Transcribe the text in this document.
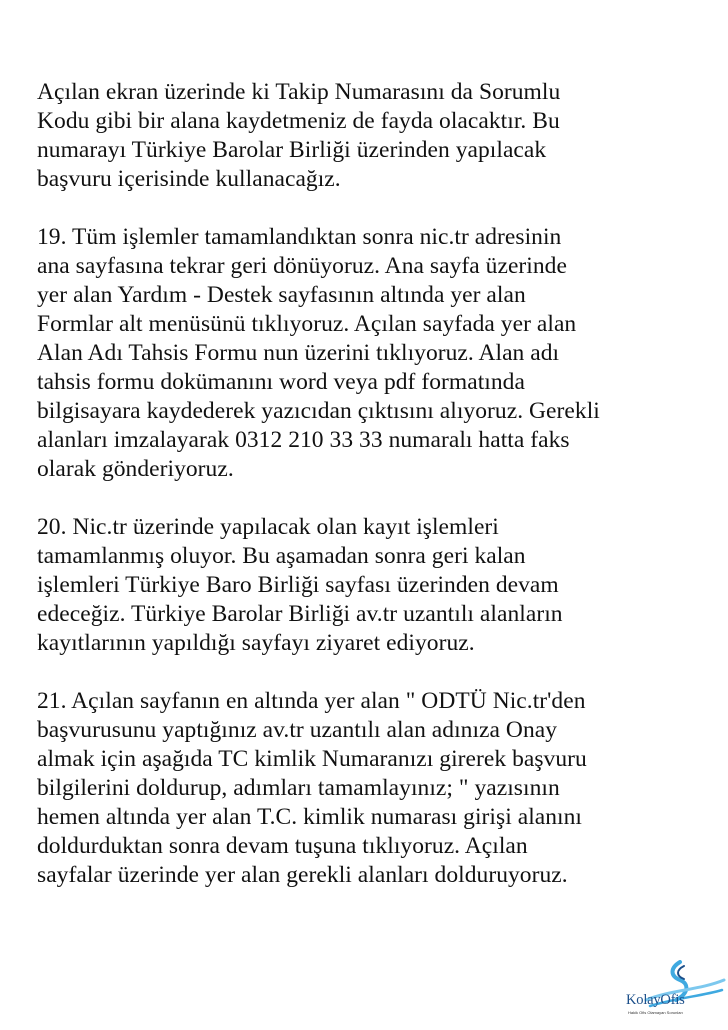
Açılan ekran üzerinde ki Takip Numarasını da Sorumlu
Kodu gibi bir alana kaydetmeniz de fayda olacaktır. Bu
numarayı Türkiye Barolar Birliği üzerinden yapılacak
başvuru içerisinde kullanacağız.

19. Tüm işlemler tamamlandıktan sonra nic.tr adresinin
ana sayfasına tekrar geri dönüyoruz. Ana sayfa üzerinde
yer alan Yardım - Destek sayfasının altında yer alan
Formlar alt menüsünü tıklıyoruz. Açılan sayfada yer alan
Alan Adı Tahsis Formu nun üzerini tıklıyoruz. Alan adı
tahsis formu dokümanını word veya pdf formatında
bilgisayara kaydederek yazıcıdan çıktısını alıyoruz. Gerekli
alanları imzalayarak 0312 210 33 33 numaralı hatta faks
olarak gönderiyoruz.

20. Nic.tr üzerinde yapılacak olan kayıt işlemleri
tamamlanmış oluyor. Bu aşamadan sonra geri kalan
işlemleri Türkiye Baro Birliği sayfası üzerinden devam
edeceğiz. Türkiye Barolar Birliği av.tr uzantılı alanların
kayıtlarının yapıldığı sayfayı ziyaret ediyoruz.

21. Açılan sayfanın en altında yer alan " ODTÜ Nic.tr'den
başvurusunu yaptığınız av.tr uzantılı alan adınıza Onay
almak için aşağıda TC kimlik Numaranızı girerek başvuru
bilgilerini doldurup, adımları tamamlayınız; " yazısının
hemen altında yer alan T.C. kimlik numarası girişi alanını
doldurduktan sonra devam tuşuna tıklıyoruz. Açılan
sayfalar üzerinde yer alan gerekli alanları dolduruyoruz.

KolayOfis
Hakik Ofis Olamayan Sorunları
